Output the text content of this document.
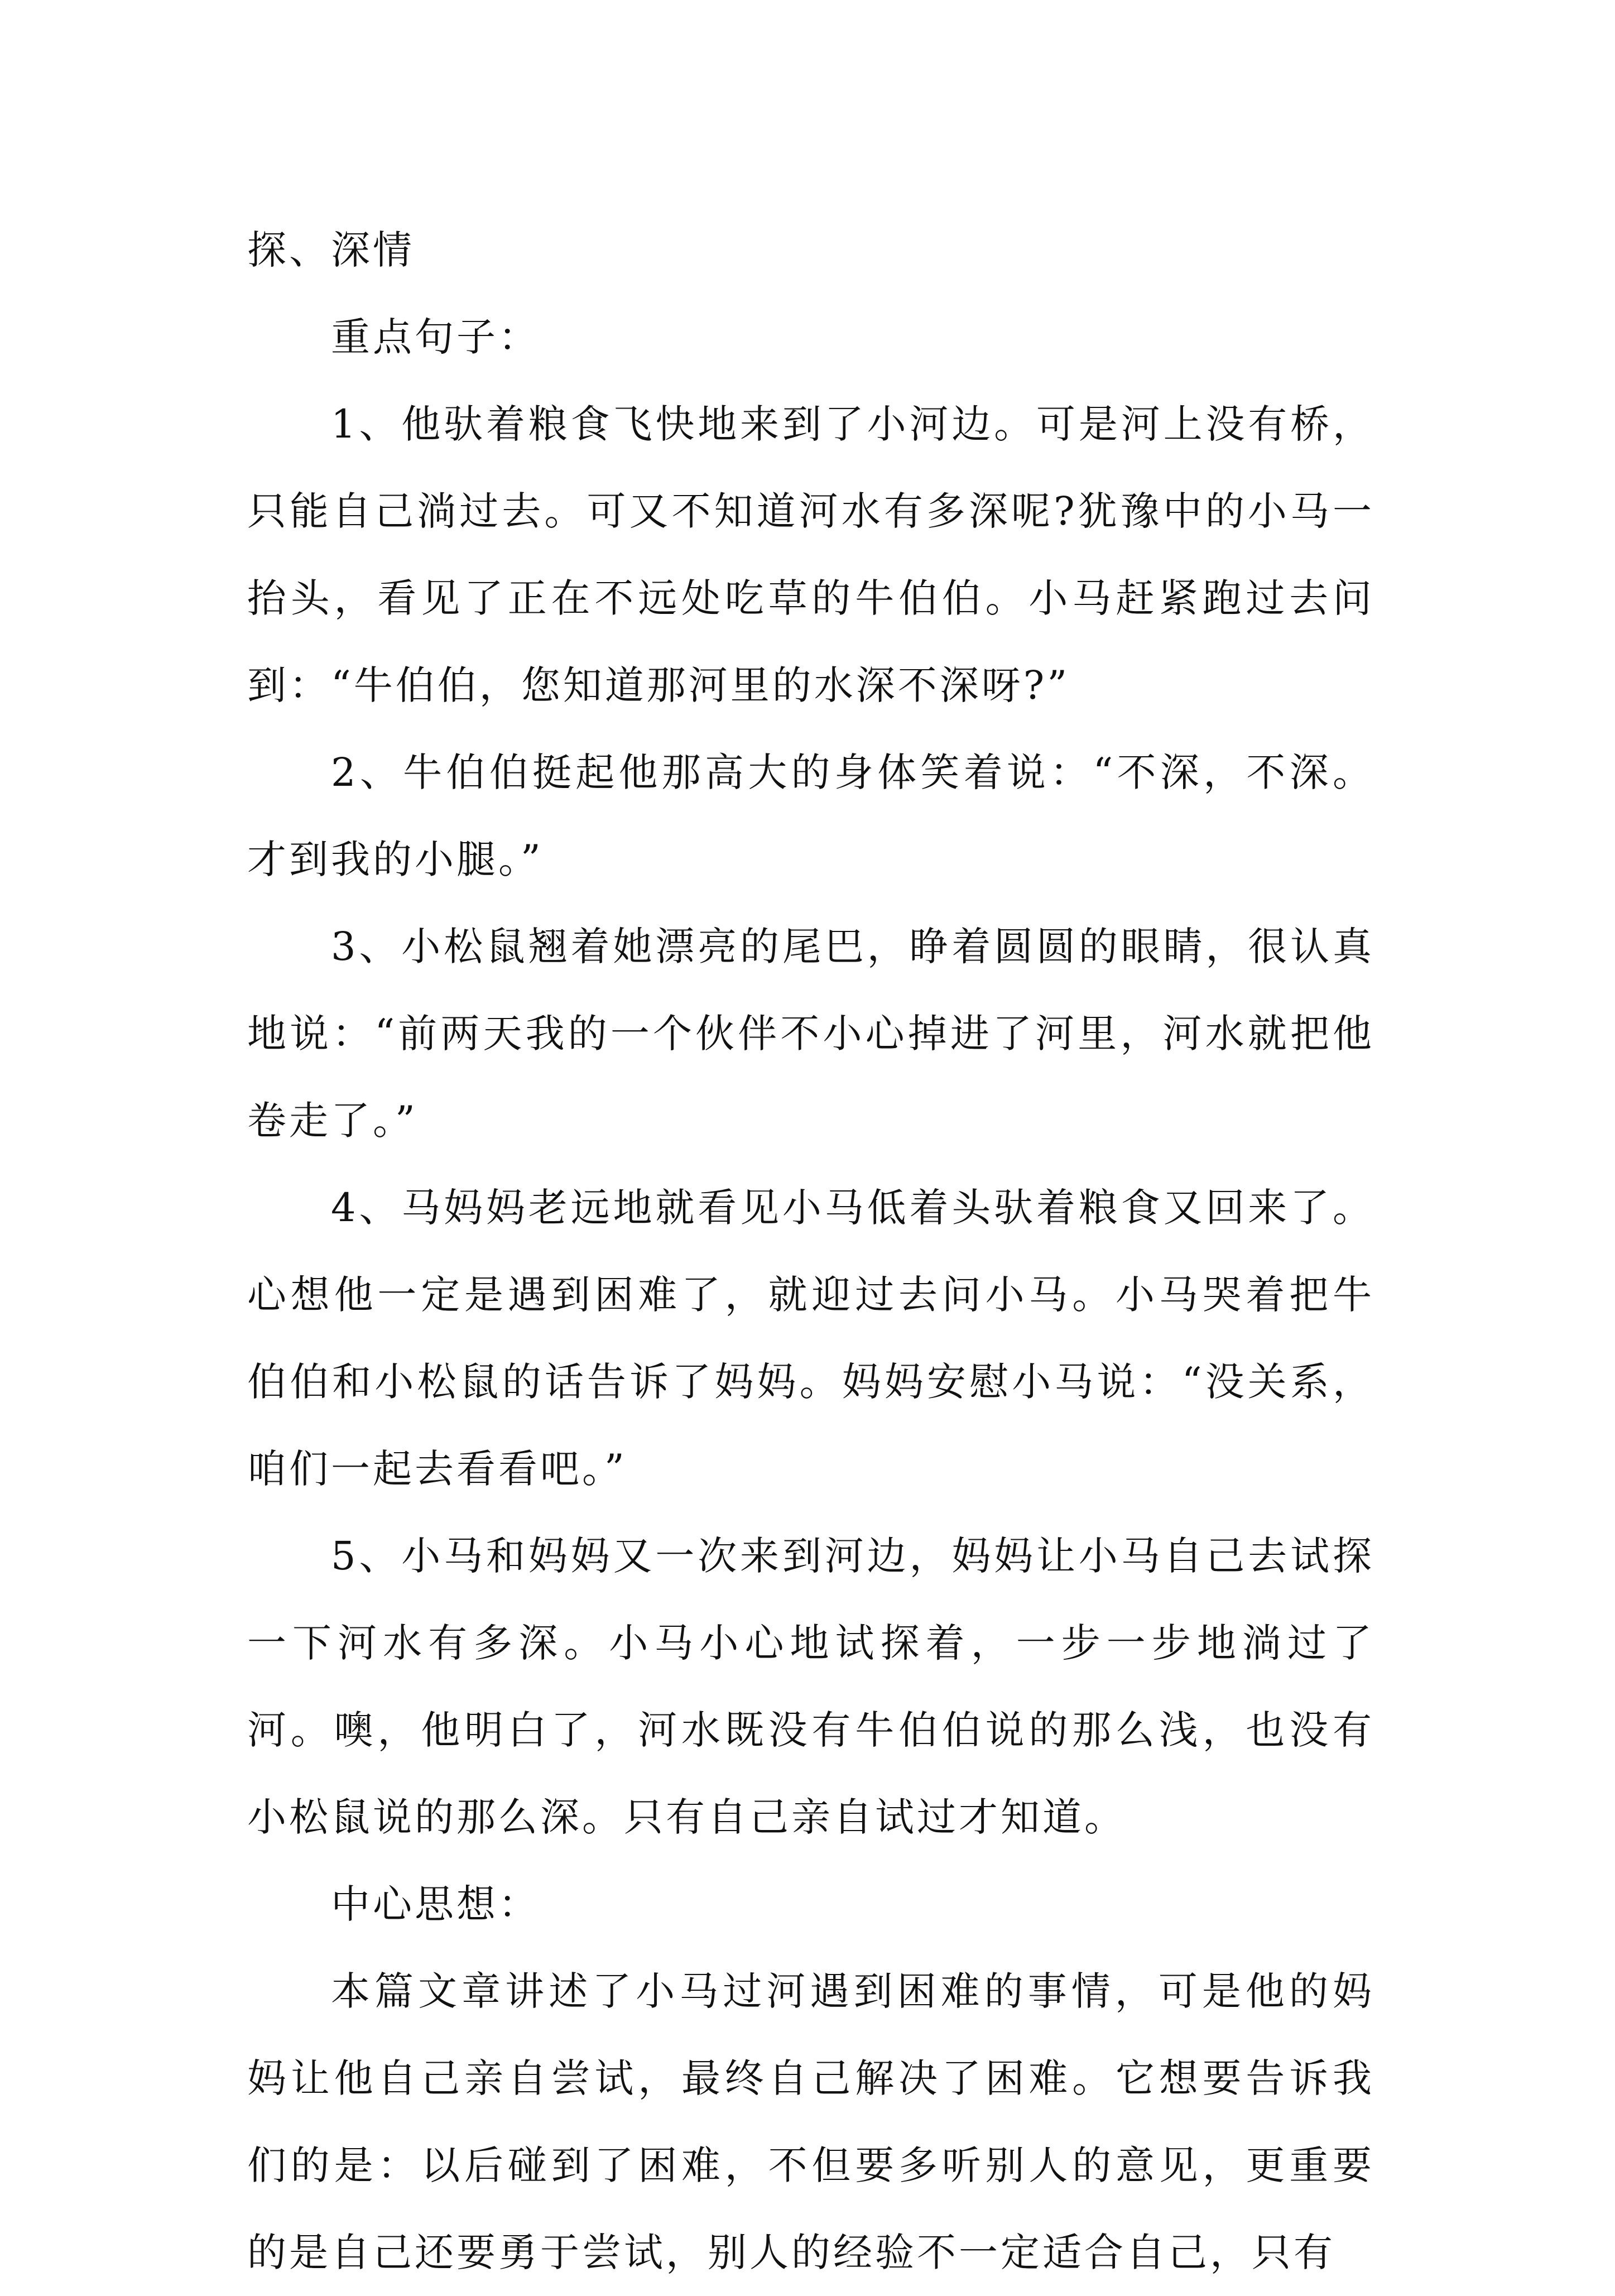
探、深情

重点句子：

1、他驮着粮食飞快地来到了小河边。可是河上没有桥，只能自己淌过去。可又不知道河水有多深呢?犹豫中的小马一抬头，看见了正在不远处吃草的牛伯伯。小马赶紧跑过去问到：“牛伯伯，您知道那河里的水深不深呀?”

2、牛伯伯挺起他那高大的身体笑着说：“不深，不深。才到我的小腿。”

3、小松鼠翘着她漂亮的尾巴，睁着圆圆的眼睛，很认真地说：“前两天我的一个伙伴不小心掉进了河里，河水就把他卷走了。”

4、马妈妈老远地就看见小马低着头驮着粮食又回来了。心想他一定是遇到困难了，就迎过去问小马。小马哭着把牛伯伯和小松鼠的话告诉了妈妈。妈妈安慰小马说：“没关系，咱们一起去看看吧。”

5、小马和妈妈又一次来到河边，妈妈让小马自己去试探一下河水有多深。小马小心地试探着，一步一步地淌过了河。噢，他明白了，河水既没有牛伯伯说的那么浅，也没有小松鼠说的那么深。只有自己亲自试过才知道。

中心思想：

本篇文章讲述了小马过河遇到困难的事情，可是他的妈妈让他自己亲自尝试，最终自己解决了困难。它想要告诉我们的是：以后碰到了困难，不但要多听别人的意见，更重要的是自己还要勇于尝试，别人的经验不一定适合自己，只有
